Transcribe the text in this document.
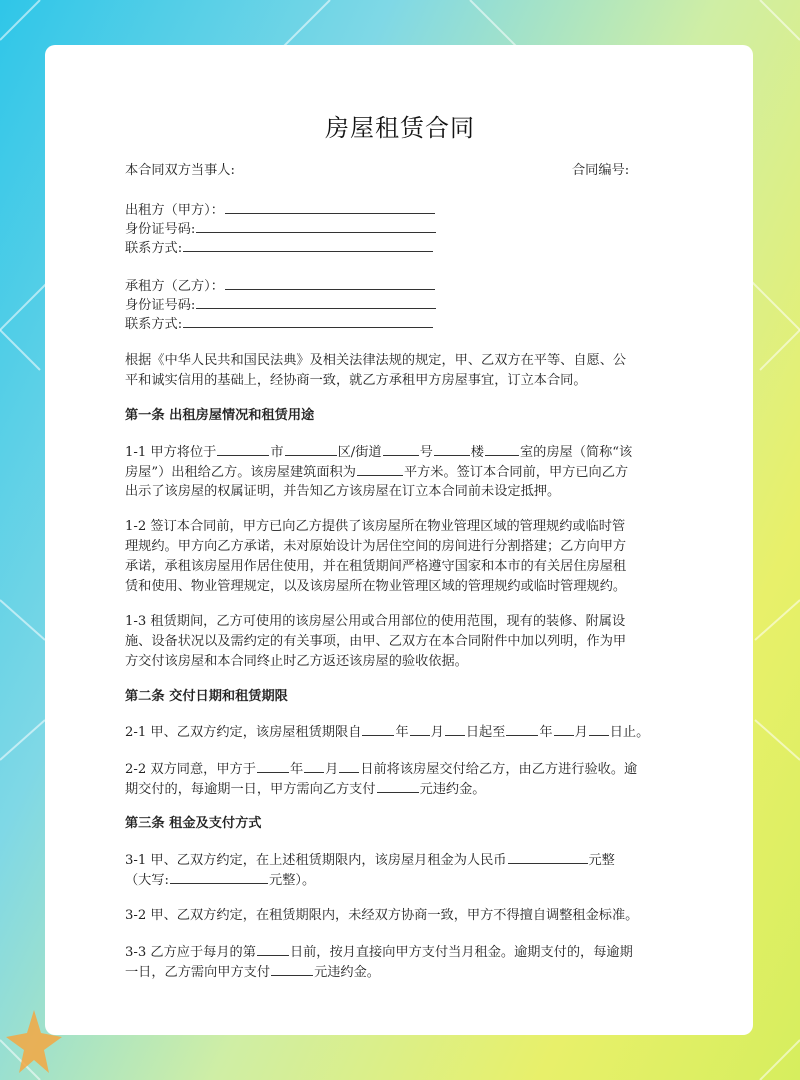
房屋租赁合同
本合同双方当事人:	合同编号:
出租方（甲方）：
身份证号码:
联系方式:
承租方（乙方）：
身份证号码:
联系方式:
根据《中华人民共和国民法典》及相关法律法规的规定，甲、乙双方在平等、自愿、公
平和诚实信用的基础上，经协商一致，就乙方承租甲方房屋事宜，订立本合同。
第一条 出租房屋情况和租赁用途
1-1 甲方将位于	市	区/街道	号	楼	室的房屋（简称“该
房屋”）出租给乙方。该房屋建筑面积为	平方米。签订本合同前，甲方已向乙方
出示了该房屋的权属证明，并告知乙方该房屋在订立本合同前未设定抵押。
1-2 签订本合同前，甲方已向乙方提供了该房屋所在物业管理区域的管理规约或临时管
理规约。甲方向乙方承诺，未对原始设计为居住空间的房间进行分割搭建；乙方向甲方
承诺，承租该房屋用作居住使用，并在租赁期间严格遵守国家和本市的有关居住房屋租
赁和使用、物业管理规定，以及该房屋所在物业管理区域的管理规约或临时管理规约。
1-3 租赁期间，乙方可使用的该房屋公用或合用部位的使用范围，现有的装修、附属设
施、设备状况以及需约定的有关事项，由甲、乙双方在本合同附件中加以列明，作为甲
方交付该房屋和本合同终止时乙方返还该房屋的验收依据。
第二条 交付日期和租赁期限
2-1 甲、乙双方约定，该房屋租赁期限自	年 月 日起至	年 月 日止。
2-2 双方同意，甲方于	年 月 日前将该房屋交付给乙方，由乙方进行验收。逾
期交付的，每逾期一日，甲方需向乙方支付	元违约金。
第三条 租金及支付方式
3-1 甲、乙双方约定，在上述租赁期限内，该房屋月租金为人民币	元整
（大写:	元整）。
3-2 甲、乙双方约定，在租赁期限内，未经双方协商一致，甲方不得擅自调整租金标准。
3-3 乙方应于每月的第	日前，按月直接向甲方支付当月租金。逾期支付的，每逾期
一日，乙方需向甲方支付	元违约金。
